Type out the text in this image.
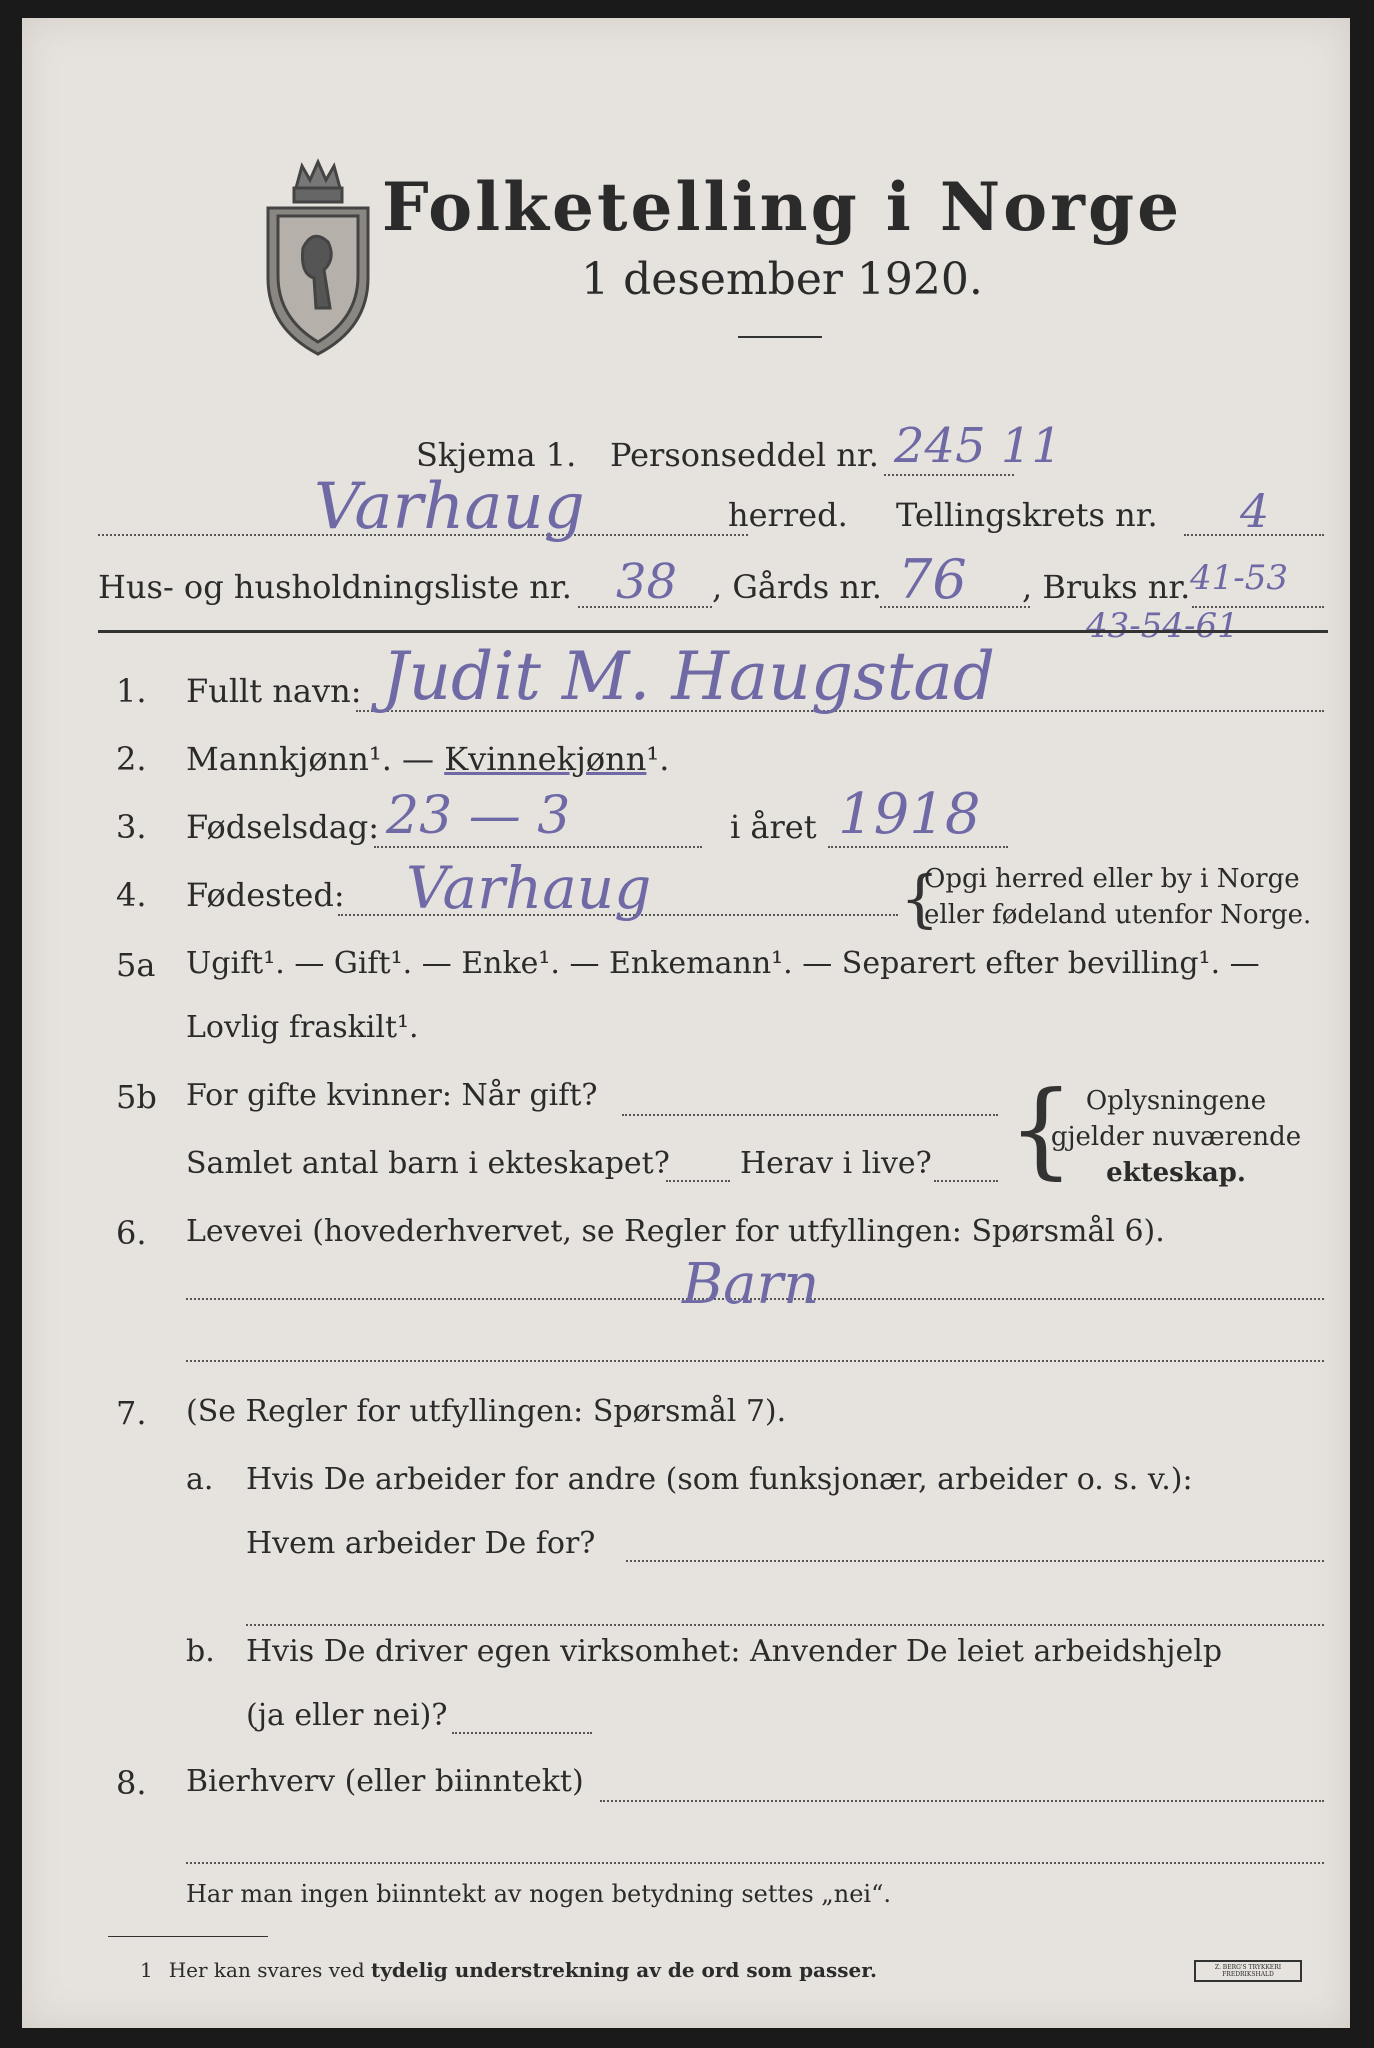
Folketelling i Norge
1 desember 1920.
Skjema 1. Personseddel nr. 245 11
Varhaug	herred. Tellingskrets nr. 4
Hus- og husholdningsliste nr. 38 , Gårds nr. 76 , Bruks nr. 41-53
43-54-61
1. Fullt navn: Judit M. Haugstad
2. Mannkjønn¹. — Kvinnekjønn¹.
3. Fødselsdag: 23 — 3	i året 1918
4. Fødested: Varhaug	{
Opgi herred eller by i Norge
eller fødeland utenfor Norge.
5a Ugift¹. — Gift¹. — Enke¹. — Enkemann¹. — Separert efter bevilling¹. —
Lovlig fraskilt¹.
5b For gifte kvinner: Når gift?
Samlet antal barn i ekteskapet? Herav i live? { Oplysningene
gjelder nuværende
ekteskap.
6. Levevei (hovederhvervet, se Regler for utfyllingen: Spørsmål 6).
Barn
7. (Se Regler for utfyllingen: Spørsmål 7).
a. Hvis De arbeider for andre (som funksjonær, arbeider o. s. v.):
Hvem arbeider De for?
b. Hvis De driver egen virksomhet: Anvender De leiet arbeidshjelp
(ja eller nei)?
8. Bierhverv (eller biinntekt)
Har man ingen biinntekt av nogen betydning settes „nei“.
1 Her kan svares ved tydelig understrekning av de ord som passer.	Z. BERG'S TRYKKERI FREDRIKSHALD
